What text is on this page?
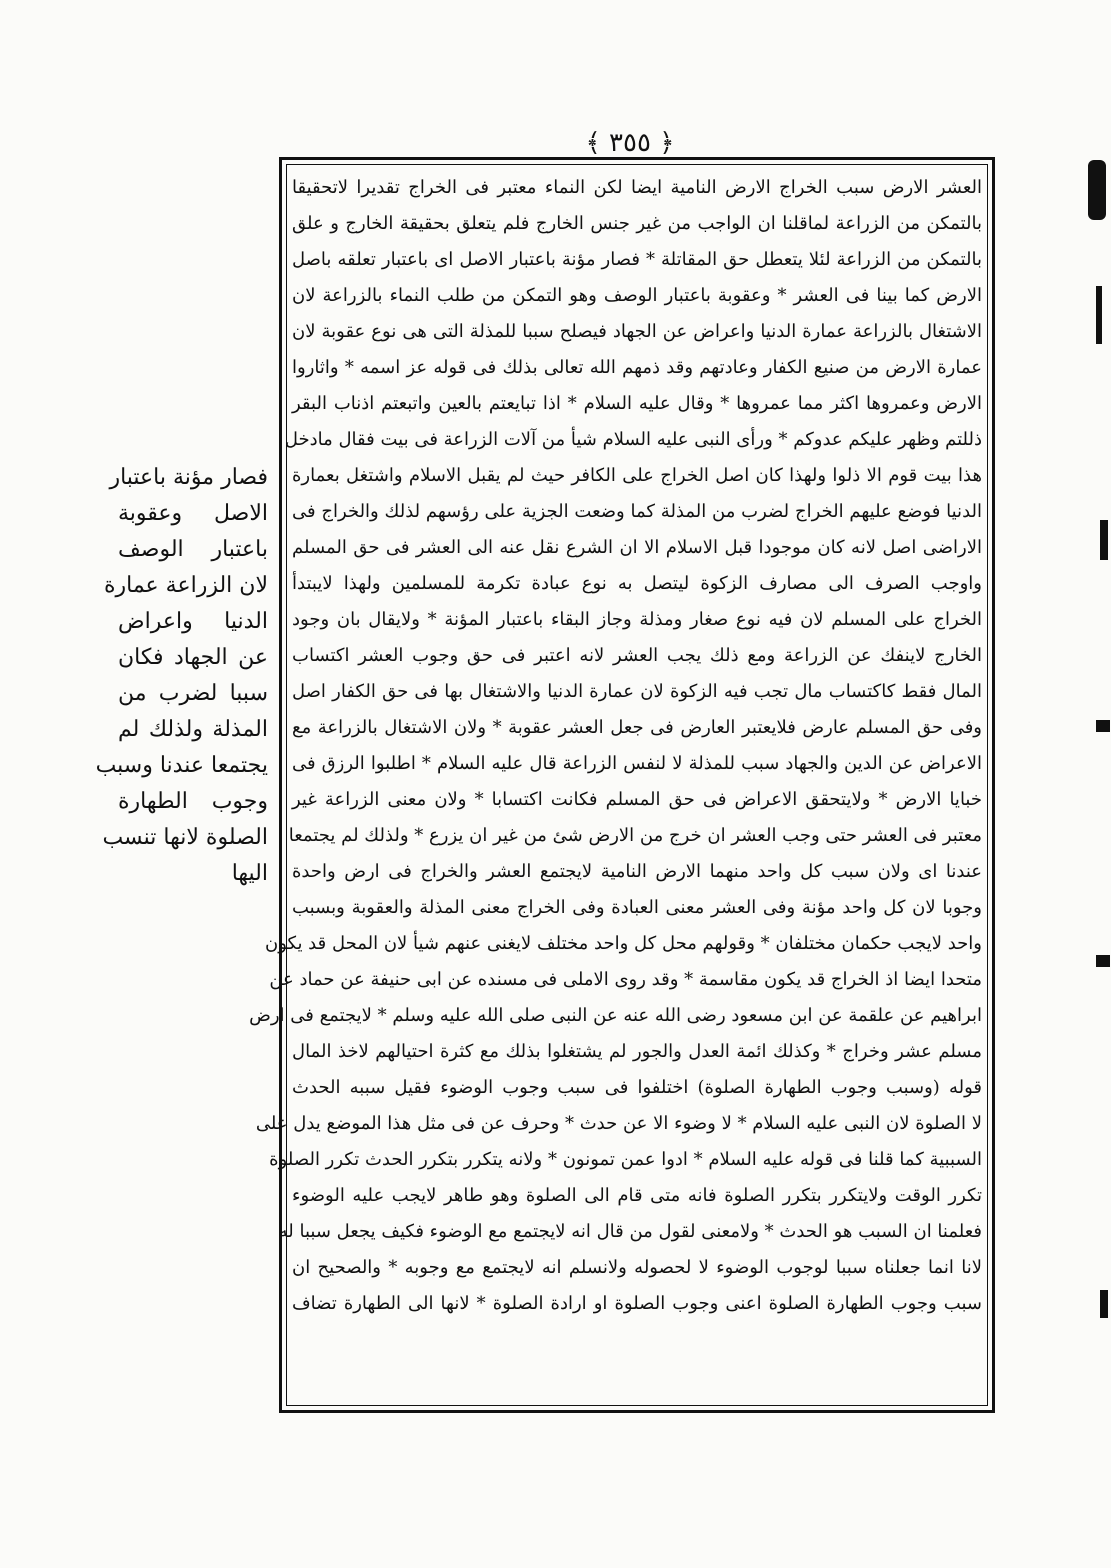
﴿ ٣٥٥ ﴾
العشر الارض سبب الخراج الارض النامية ايضا لكن النماء معتبر فى الخراج تقديرا لاتحقيقا
بالتمكن من الزراعة لماقلنا ان الواجب من غير جنس الخارج فلم يتعلق بحقيقة الخارج و علق
بالتمكن من الزراعة لئلا يتعطل حق المقاتلة * فصار مؤنة باعتبار الاصل اى باعتبار تعلقه باصل
الارض كما بينا فى العشر * وعقوبة باعتبار الوصف وهو التمكن من طلب النماء بالزراعة لان
الاشتغال بالزراعة عمارة الدنيا واعراض عن الجهاد فيصلح سببا للمذلة التى هى نوع عقوبة لان
عمارة الارض من صنيع الكفار وعادتهم وقد ذمهم الله تعالى بذلك فى قوله عز اسمه * واثاروا
الارض وعمروها اكثر مما عمروها * وقال عليه السلام * اذا تبايعتم بالعين واتبعتم اذناب البقر
ذللتم وظهر عليكم عدوكم * ورأى النبى عليه السلام شيأ من آلات الزراعة فى بيت فقال مادخل
هذا بيت قوم الا ذلوا ولهذا كان اصل الخراج على الكافر حيث لم يقبل الاسلام واشتغل بعمارة
الدنيا فوضع عليهم الخراج لضرب من المذلة كما وضعت الجزية على رؤسهم لذلك والخراج فى
الاراضى اصل لانه كان موجودا قبل الاسلام الا ان الشرع نقل عنه الى العشر فى حق المسلم
واوجب الصرف الى مصارف الزكوة ليتصل به نوع عبادة تكرمة للمسلمين ولهذا لايبتدأ
الخراج على المسلم لان فيه نوع صغار ومذلة وجاز البقاء باعتبار المؤنة * ولايقال بان وجود
الخارج لاينفك عن الزراعة ومع ذلك يجب العشر لانه اعتبر فى حق وجوب العشر اكتساب
المال فقط كاكتساب مال تجب فيه الزكوة لان عمارة الدنيا والاشتغال بها فى حق الكفار اصل
وفى حق المسلم عارض فلايعتبر العارض فى جعل العشر عقوبة * ولان الاشتغال بالزراعة مع
الاعراض عن الدين والجهاد سبب للمذلة لا لنفس الزراعة قال عليه السلام * اطلبوا الرزق فى
خبايا الارض * ولايتحقق الاعراض فى حق المسلم فكانت اكتسابا * ولان معنى الزراعة غير
معتبر فى العشر حتى وجب العشر ان خرج من الارض شئ من غير ان يزرع * ولذلك لم يجتمعا
عندنا اى ولان سبب كل واحد منهما الارض النامية لايجتمع العشر والخراج فى ارض واحدة
وجوبا لان كل واحد مؤنة وفى العشر معنى العبادة وفى الخراج معنى المذلة والعقوبة وبسبب
واحد لايجب حكمان مختلفان * وقولهم محل كل واحد مختلف لايغنى عنهم شيأ لان المحل قد يكون
متحدا ايضا اذ الخراج قد يكون مقاسمة * وقد روى الاملى فى مسنده عن ابى حنيفة عن حماد عن
ابراهيم عن علقمة عن ابن مسعود رضى الله عنه عن النبى صلى الله عليه وسلم * لايجتمع فى ارض
مسلم عشر وخراج * وكذلك ائمة العدل والجور لم يشتغلوا بذلك مع كثرة احتيالهم لاخذ المال
قوله (وسبب وجوب الطهارة الصلوة) اختلفوا فى سبب وجوب الوضوء فقيل سببه الحدث
لا الصلوة لان النبى عليه السلام * لا وضوء الا عن حدث * وحرف عن فى مثل هذا الموضع يدل على
السببية كما قلنا فى قوله عليه السلام * ادوا عمن تمونون * ولانه يتكرر بتكرر الحدث تكرر الصلوة
تكرر الوقت ولايتكرر بتكرر الصلوة فانه متى قام الى الصلوة وهو طاهر لايجب عليه الوضوء
فعلمنا ان السبب هو الحدث * ولامعنى لقول من قال انه لايجتمع مع الوضوء فكيف يجعل سببا له
لانا انما جعلناه سببا لوجوب الوضوء لا لحصوله ولانسلم انه لايجتمع مع وجوبه * والصحيح ان
سبب وجوب الطهارة الصلوة اعنى وجوب الصلوة او ارادة الصلوة * لانها الى الطهارة تضاف
فصار مؤنة باعتبار
الاصل وعقوبة
باعتبار الوصف
لان الزراعة عمارة
الدنيا واعراض
عن الجهاد فكان
سببا لضرب من
المذلة ولذلك لم
يجتمعا عندنا وسبب
وجوب الطهارة
الصلوة لانها تنسب
اليها
